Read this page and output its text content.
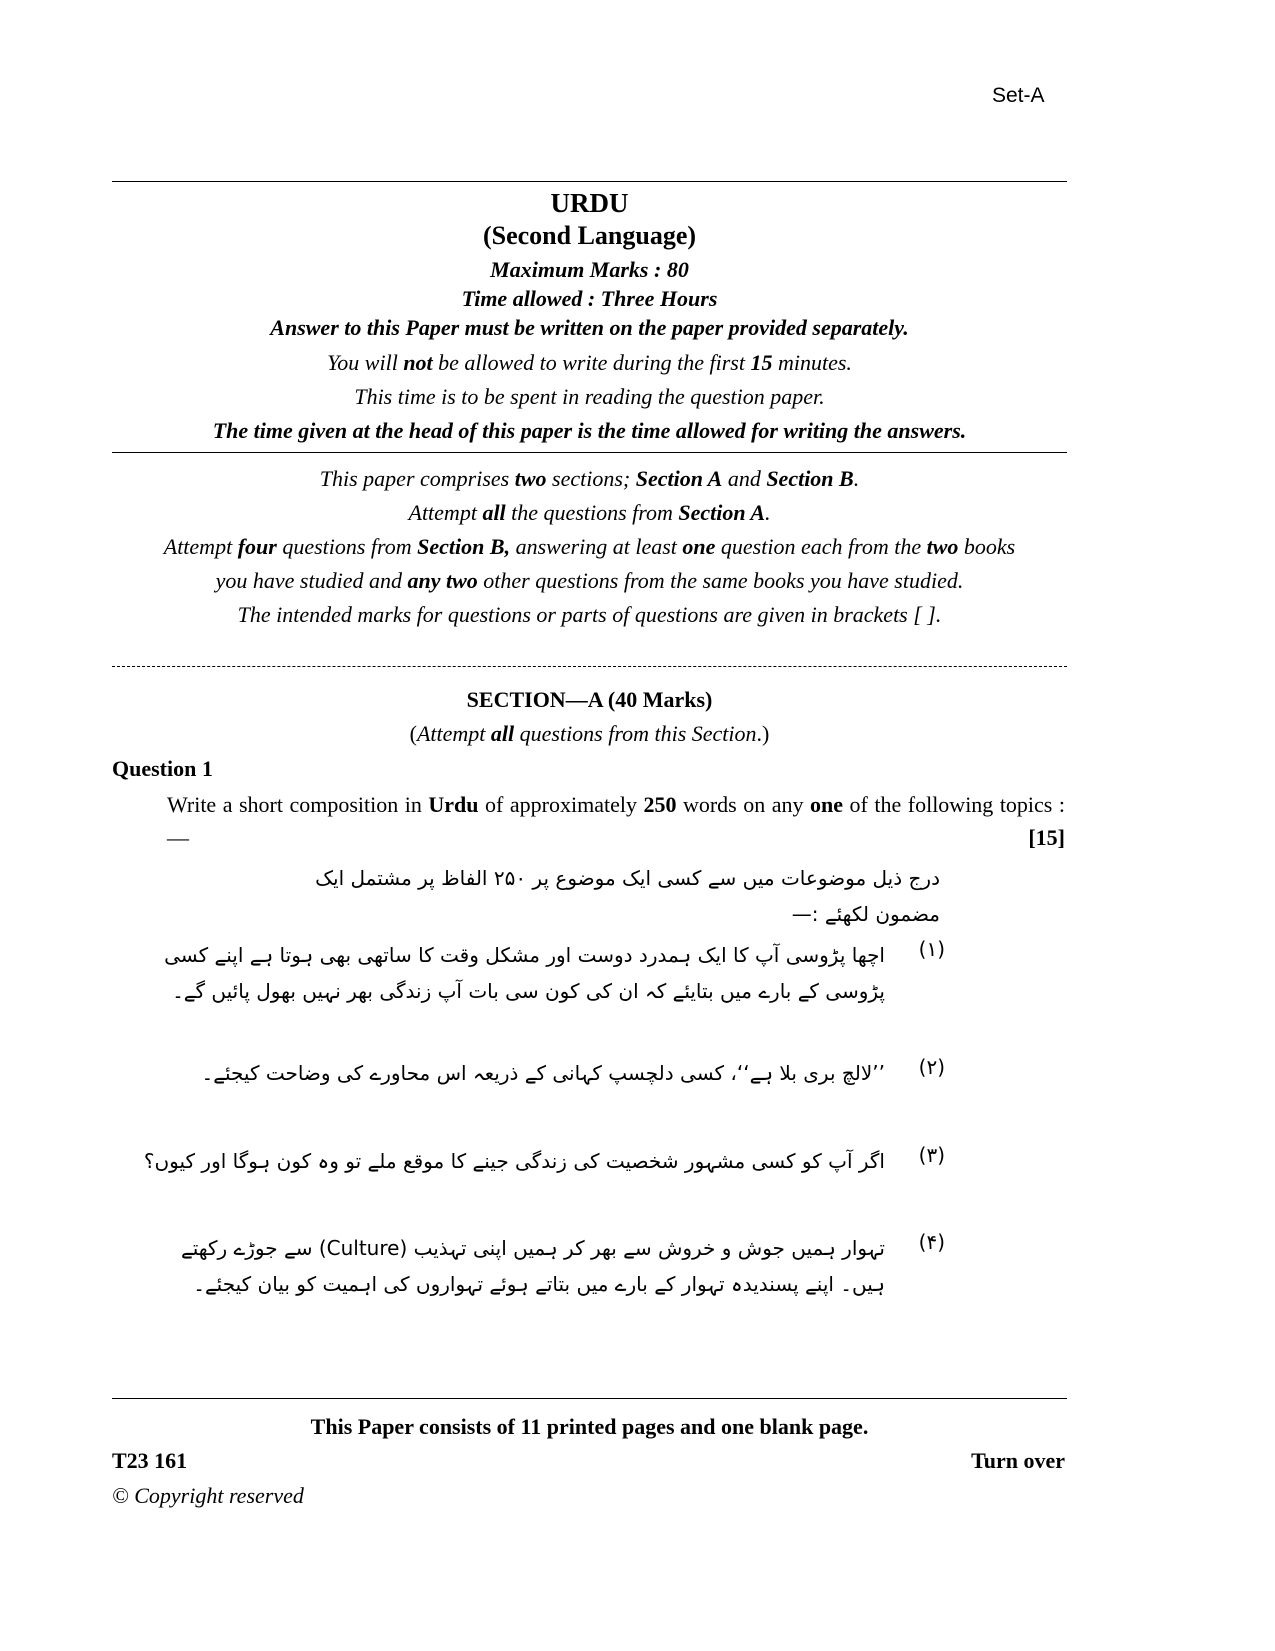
Set-A
URDU
(Second Language)
Maximum Marks : 80
Time allowed : Three Hours
Answer to this Paper must be written on the paper provided separately.
You will not be allowed to write during the first 15 minutes.
This time is to be spent in reading the question paper.
The time given at the head of this paper is the time allowed for writing the answers.
This paper comprises two sections; Section A and Section B.
Attempt all the questions from Section A.
Attempt four questions from Section B, answering at least one question each from the two books
you have studied and any two other questions from the same books you have studied.
The intended marks for questions or parts of questions are given in brackets [ ].
SECTION—A (40 Marks)
(Attempt all questions from this Section.)
Question 1
Write a short composition in Urdu of approximately 250 words on any one of the following topics :—	[15]
درج ذیل موضوعات میں سے کسی ایک موضوع پر ۲۵۰ الفاظ پر مشتمل ایک مضمون لکھئے :—
(۱)
اچھا پڑوسی آپ کا ایک ہمدرد دوست اور مشکل وقت کا ساتھی بھی ہوتا ہے اپنے کسی پڑوسی کے بارے میں بتایئے کہ ان کی کون سی بات آپ زندگی بھر نہیں بھول پائیں گے۔
(۲)
’’لالچ بری بلا ہے‘‘، کسی دلچسپ کہانی کے ذریعہ اس محاورے کی وضاحت کیجئے۔
(۳)
اگر آپ کو کسی مشہور شخصیت کی زندگی جینے کا موقع ملے تو وہ کون ہوگا اور کیوں؟
(۴)
تہوار ہمیں جوش و خروش سے بھر کر ہمیں اپنی تہذیب (Culture) سے جوڑے رکھتے ہیں۔ اپنے پسندیدہ تہوار کے بارے میں بتاتے ہوئے تہواروں کی اہمیت کو بیان کیجئے۔
This Paper consists of 11 printed pages and one blank page.
T23 161	Turn over
© Copyright reserved
